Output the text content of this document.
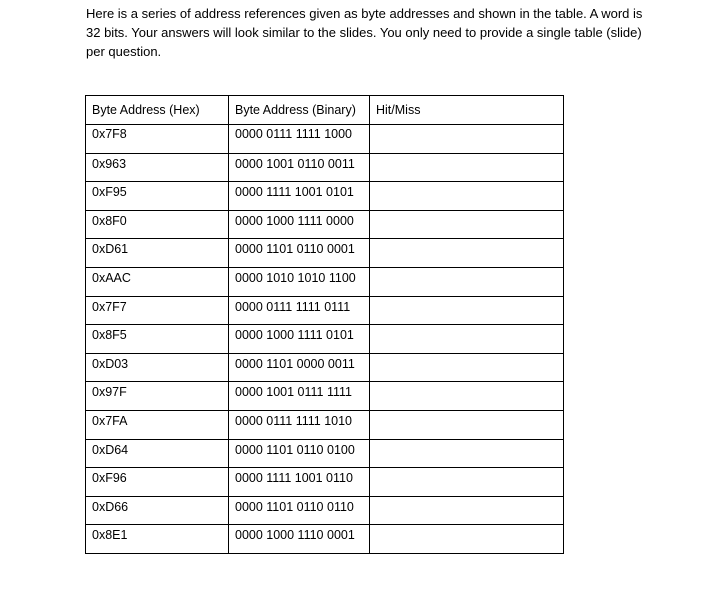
Here is a series of address references given as byte addresses and shown in the table. A word is 32 bits. Your answers will look similar to the slides. You only need to provide a single table (slide) per question.

Byte Address (Hex)	Byte Address (Binary)	Hit/Miss
0x7F8	0000 0111 1111 1000	
0x963	0000 1001 0110 0011	
0xF95	0000 1111 1001 0101	
0x8F0	0000 1000 1111 0000	
0xD61	0000 1101 0110 0001	
0xAAC	0000 1010 1010 1100	
0x7F7	0000 0111 1111 0111	
0x8F5	0000 1000 1111 0101	
0xD03	0000 1101 0000 0011	
0x97F	0000 1001 0111 1111	
0x7FA	0000 0111 1111 1010	
0xD64	0000 1101 0110 0100	
0xF96	0000 1111 1001 0110	
0xD66	0000 1101 0110 0110	
0x8E1	0000 1000 1110 0001	
